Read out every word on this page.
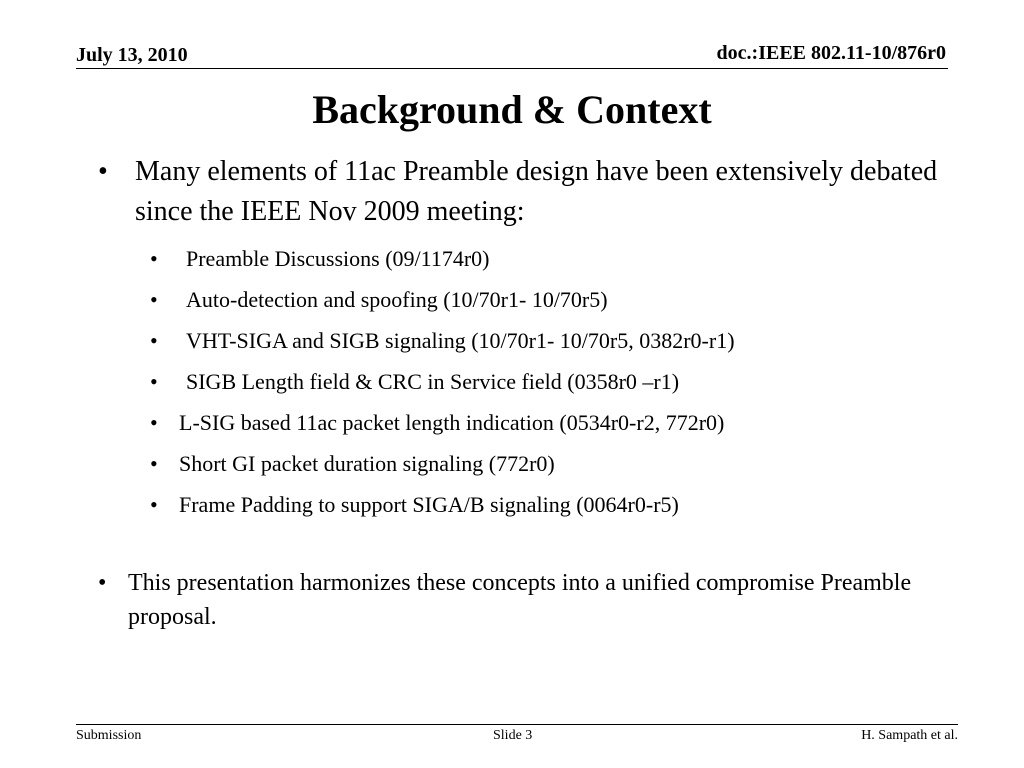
July 13, 2010	doc.:IEEE 802.11-10/876r0
Background & Context
• Many elements of 11ac Preamble design have been extensively debated since the IEEE Nov 2009 meeting:
• Preamble Discussions (09/1174r0)
• Auto-detection and spoofing (10/70r1- 10/70r5)
• VHT-SIGA and SIGB signaling (10/70r1- 10/70r5, 0382r0-r1)
• SIGB Length field & CRC in Service field (0358r0 –r1)
• L-SIG based 11ac packet length indication (0534r0-r2, 772r0)
• Short GI packet duration signaling (772r0)
• Frame Padding to support SIGA/B signaling (0064r0-r5)
• This presentation harmonizes these concepts into a unified compromise Preamble proposal.
Submission	Slide 3	H. Sampath et al.
